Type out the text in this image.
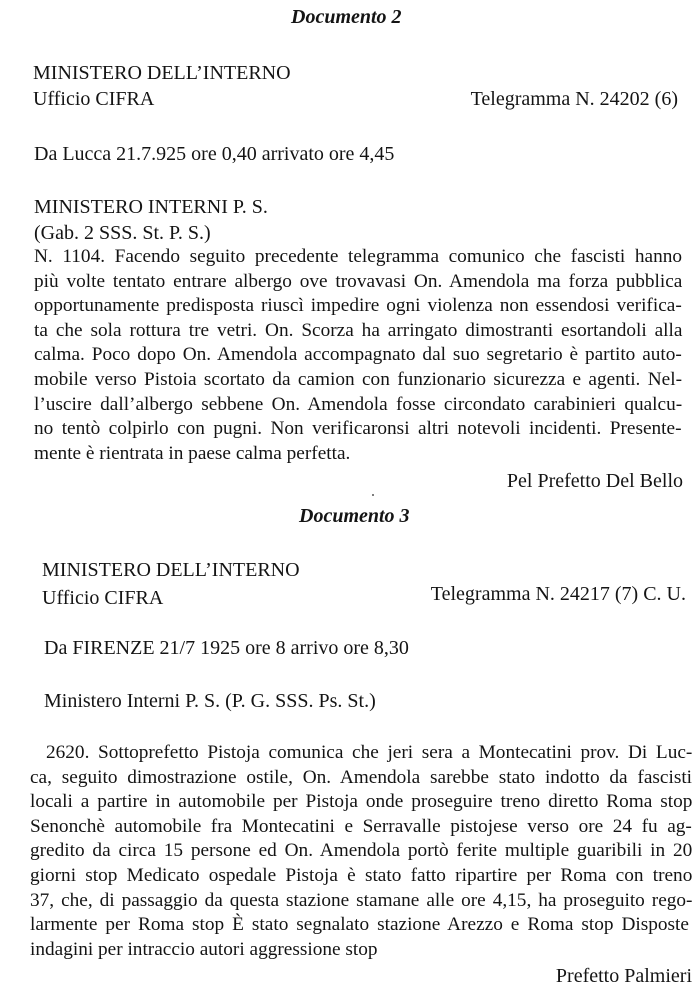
Documento 2
MINISTERO DELL’INTERNO
Ufficio CIFRA	Telegramma N. 24202 (6)
Da Lucca 21.7.925 ore 0,40 arrivato ore 4,45
MINISTERO INTERNI P. S.
(Gab. 2 SSS. St. P. S.)
N. 1104. Facendo seguito precedente telegramma comunico che fascisti hanno
più volte tentato entrare albergo ove trovavasi On. Amendola ma forza pubblica
opportunamente predisposta riuscì impedire ogni violenza non essendosi verifica-
ta che sola rottura tre vetri. On. Scorza ha arringato dimostranti esortandoli alla
calma. Poco dopo On. Amendola accompagnato dal suo segretario è partito auto-
mobile verso Pistoia scortato da camion con funzionario sicurezza e agenti. Nel-
l’uscire dall’albergo sebbene On. Amendola fosse circondato carabinieri qualcu-
no tentò colpirlo con pugni. Non verificaronsi altri notevoli incidenti. Presente-
mente è rientrata in paese calma perfetta.
Pel Prefetto Del Bello
Documento 3
MINISTERO DELL’INTERNO
Ufficio CIFRA	Telegramma N. 24217 (7) C. U.
Da FIRENZE 21/7 1925 ore 8 arrivo ore 8,30
Ministero Interni P. S. (P. G. SSS. Ps. St.)
2620. Sottoprefetto Pistoja comunica che jeri sera a Montecatini prov. Di Luc-
ca, seguito dimostrazione ostile, On. Amendola sarebbe stato indotto da fascisti
locali a partire in automobile per Pistoja onde proseguire treno diretto Roma stop
Senonchè automobile fra Montecatini e Serravalle pistojese verso ore 24 fu ag-
gredito da circa 15 persone ed On. Amendola portò ferite multiple guaribili in 20
giorni stop Medicato ospedale Pistoja è stato fatto ripartire per Roma con treno
37, che, di passaggio da questa stazione stamane alle ore 4,15, ha proseguito rego-
larmente per Roma stop È stato segnalato stazione Arezzo e Roma stop Disposte
indagini per intraccio autori aggressione stop
Prefetto Palmieri
